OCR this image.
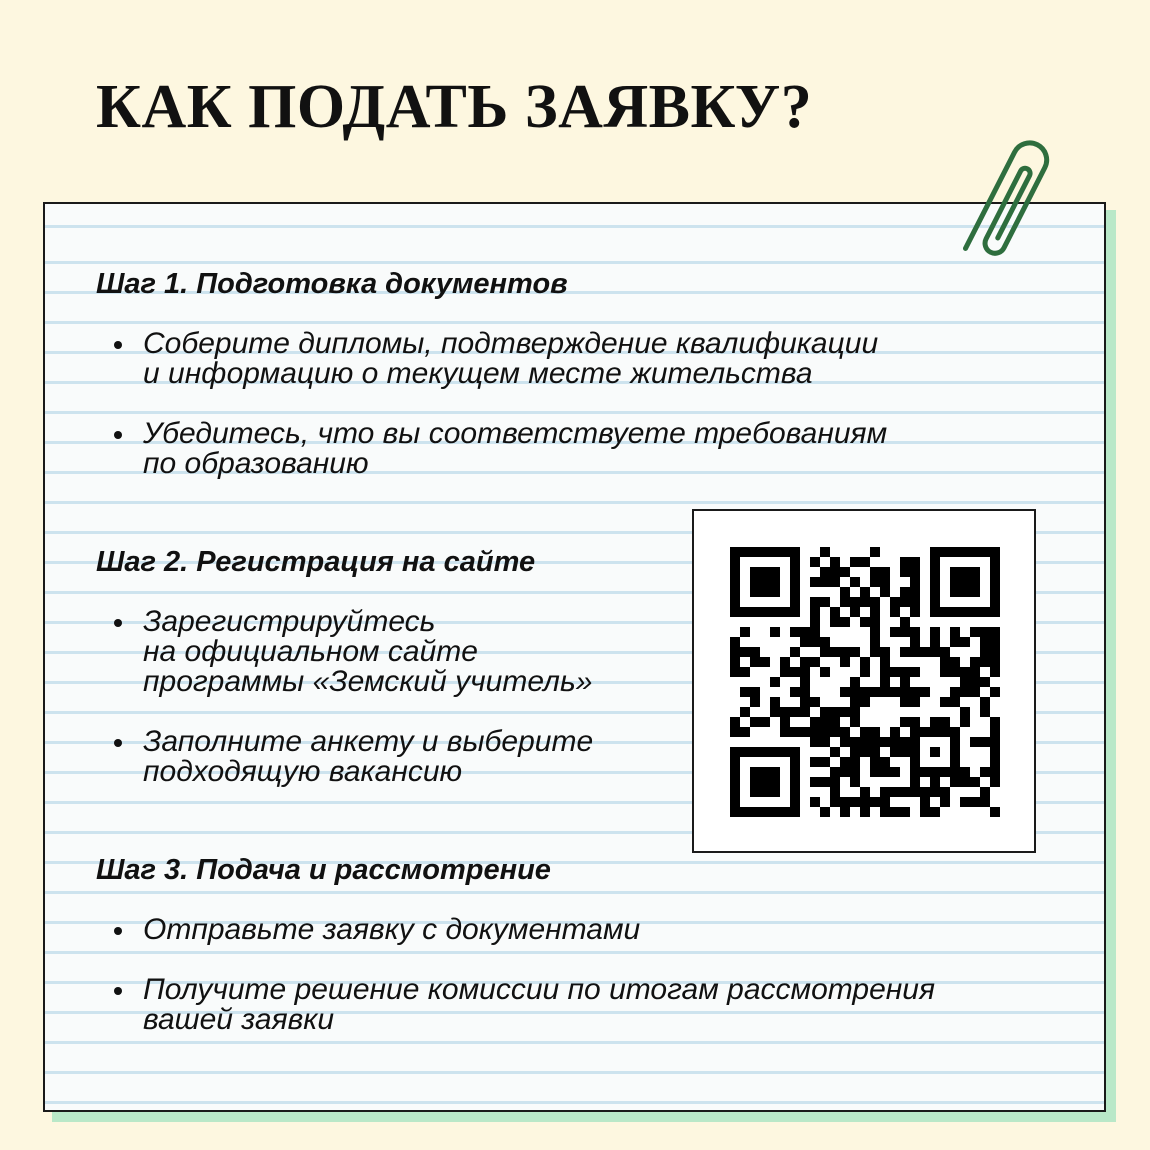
КАК ПОДАТЬ ЗАЯВКУ?
Шаг 1. Подготовка документов
Соберите дипломы, подтверждение квалификации
и информацию о текущем месте жительства
Убедитесь, что вы соответствуете требованиям
по образованию
Шаг 2. Регистрация на сайте
Зарегистрируйтесь
на официальном сайте
программы «Земский учитель»
Заполните анкету и выберите
подходящую вакансию
Шаг 3. Подача и рассмотрение
Отправьте заявку с документами
Получите решение комиссии по итогам рассмотрения
вашей заявки
